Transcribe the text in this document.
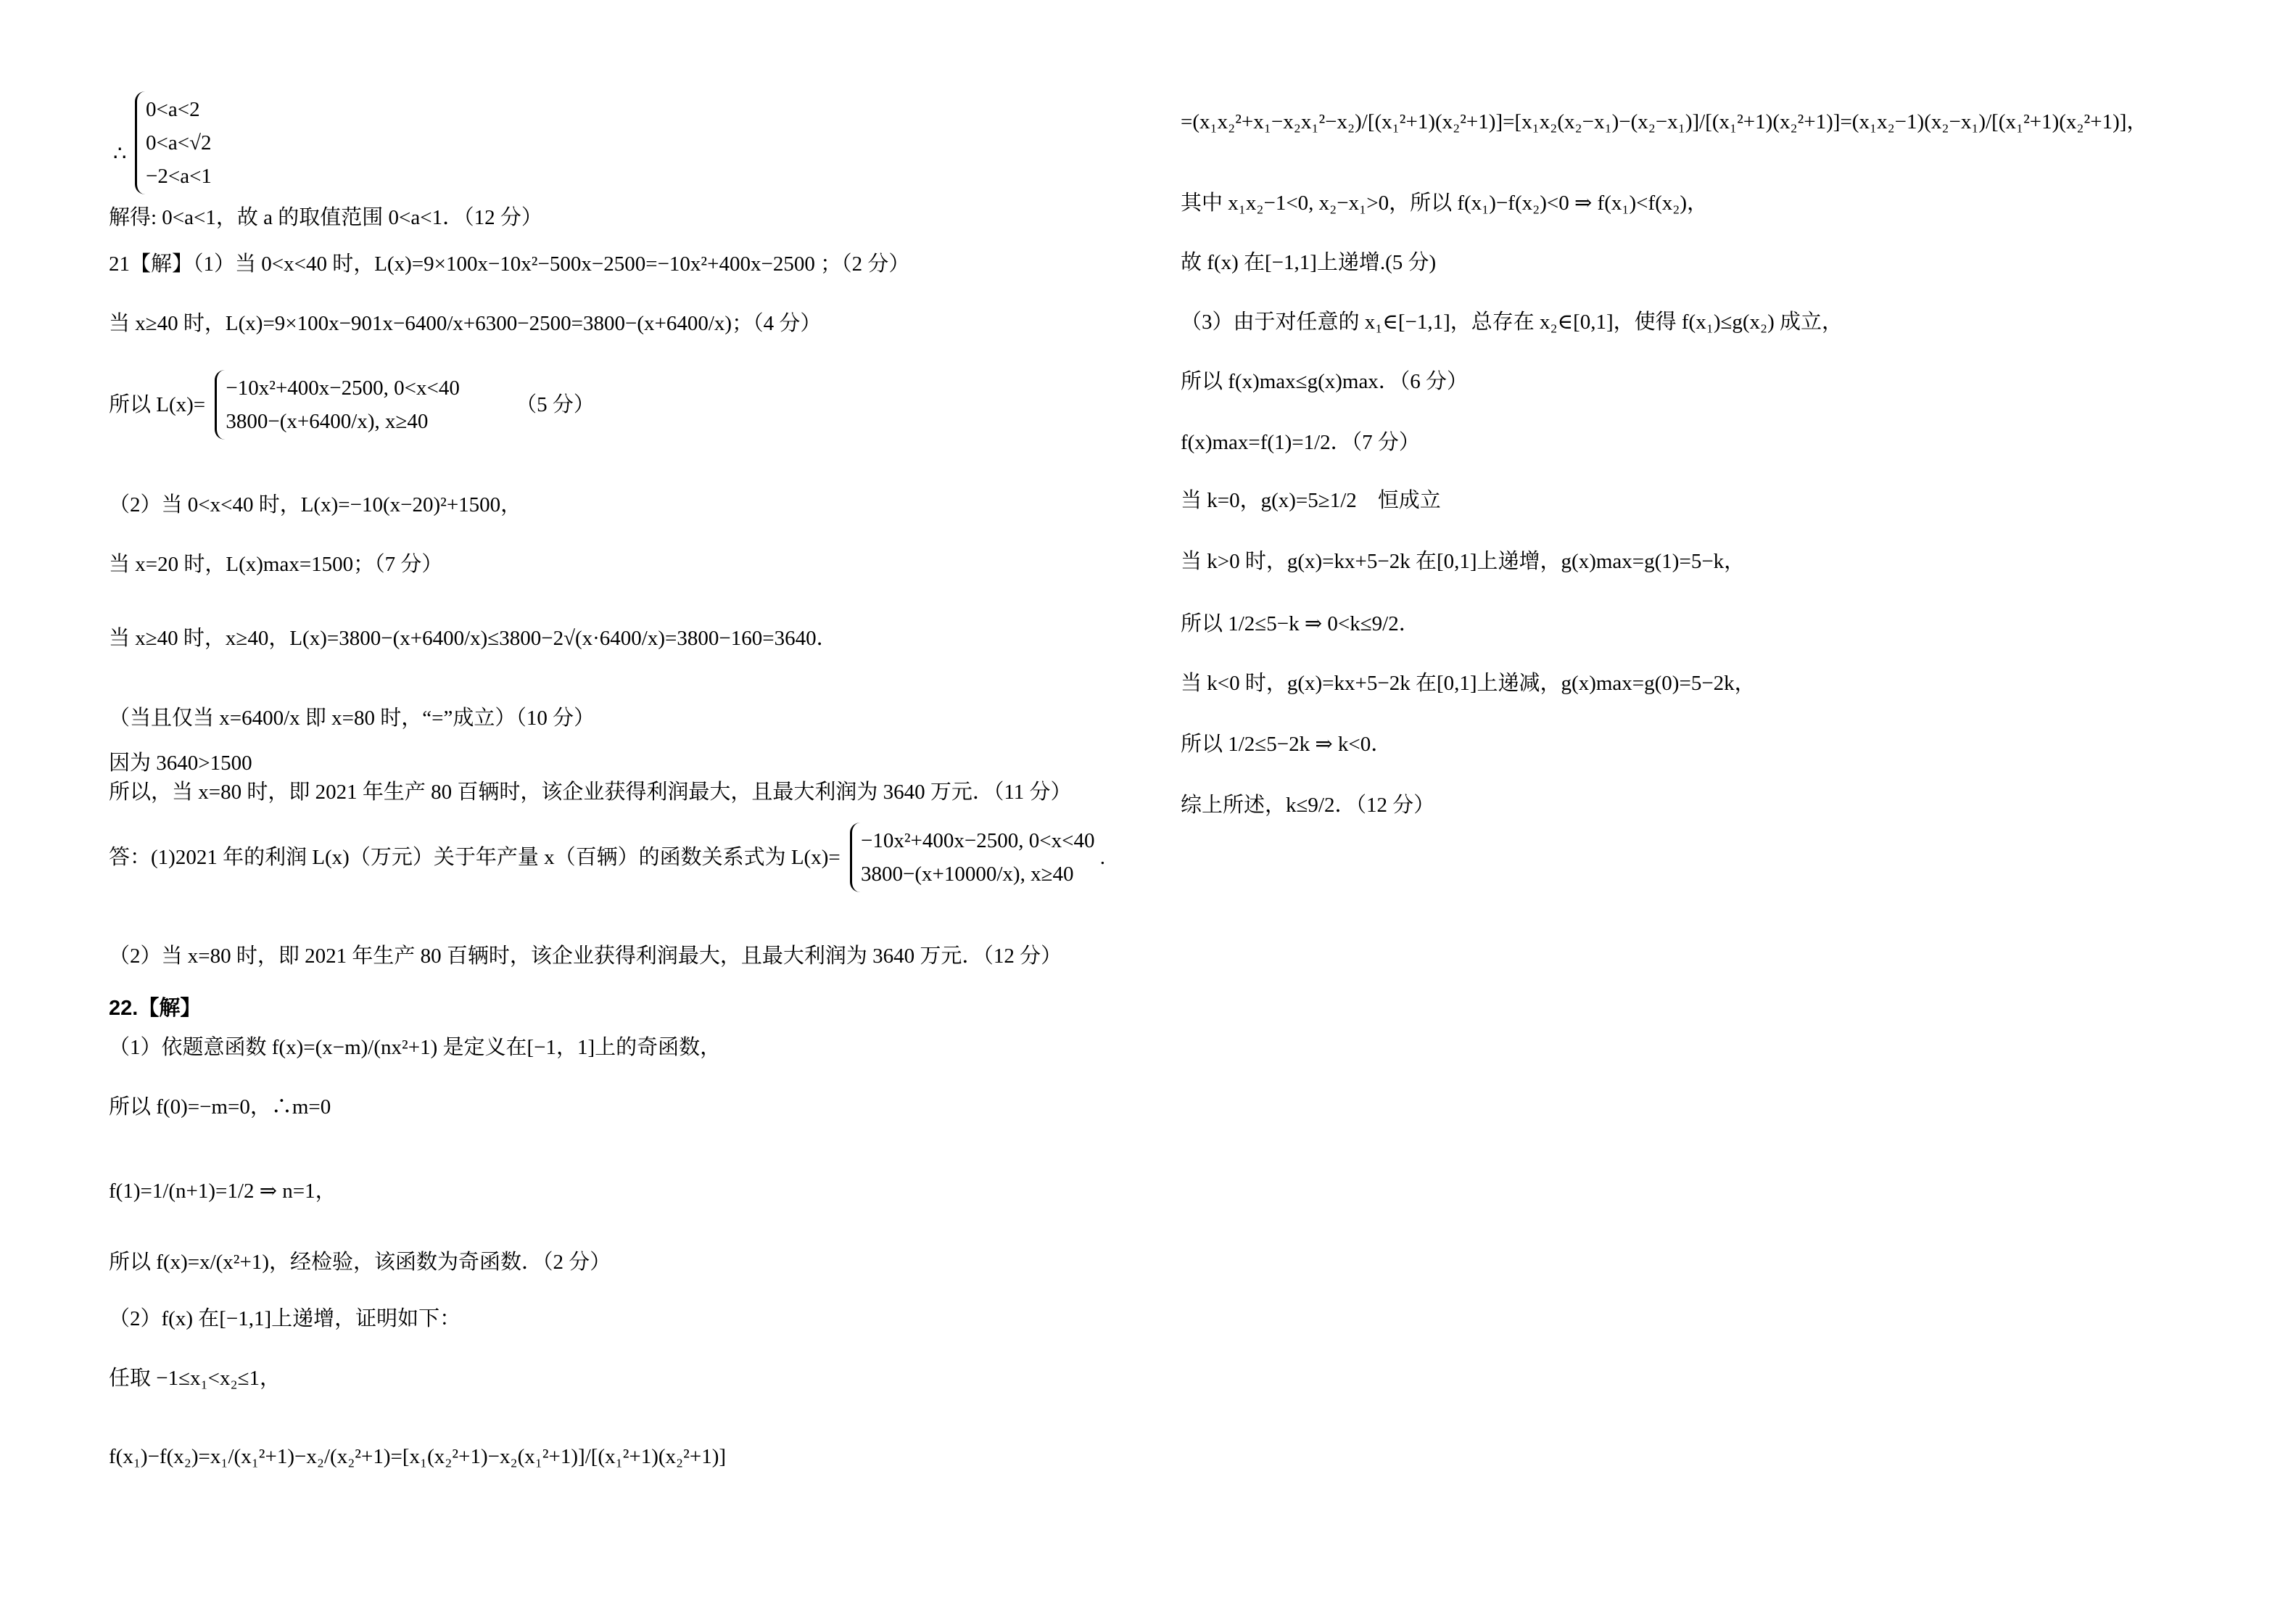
∴
0<a<2
0<a<√2
−2<a<1
解得: 0<a<1，故 a 的取值范围 0<a<1．（12 分）
21【解】（1）当 0<x<40 时，L(x)=9×100x−10x²−500x−2500=−10x²+400x−2500 ；（2 分）
当 x≥40 时，L(x)=9×100x−901x−6400/x+6300−2500=3800−(x+6400/x)；（4 分）
所以 L(x)=
−10x²+400x−2500, 0<x<40
3800−(x+6400/x), x≥40
（5 分）
（2）当 0<x<40 时，L(x)=−10(x−20)²+1500，
当 x=20 时，L(x)max=1500；（7 分）
当 x≥40 时，x≥40，L(x)=3800−(x+6400/x)≤3800−2√(x·6400/x)=3800−160=3640．
（当且仅当 x=6400/x 即 x=80 时，“=”成立）（10 分）
因为 3640>1500
所以，当 x=80 时，即 2021 年生产 80 百辆时，该企业获得利润最大，且最大利润为 3640 万元．（11 分）
答：(1)2021 年的利润 L(x)（万元）关于年产量 x（百辆）的函数关系式为 L(x)=
−10x²+400x−2500, 0<x<40
3800−(x+10000/x), x≥40
.
（2）当 x=80 时，即 2021 年生产 80 百辆时，该企业获得利润最大，且最大利润为 3640 万元．（12 分）
22.【解】
（1）依题意函数 f(x)=(x−m)/(nx²+1) 是定义在[−1，1]上的奇函数，
所以 f(0)=−m=0，∴m=0
f(1)=1/(n+1)=1/2 ⇒ n=1，
所以 f(x)=x/(x²+1)，经检验，该函数为奇函数．（2 分）
（2）f(x) 在[−1,1]上递增，证明如下：
任取 −1≤x₁<x₂≤1，
f(x₁)−f(x₂)=x₁/(x₁²+1)−x₂/(x₂²+1)=[x₁(x₂²+1)−x₂(x₁²+1)]/[(x₁²+1)(x₂²+1)]
=(x₁x₂²+x₁−x₂x₁²−x₂)/[(x₁²+1)(x₂²+1)]=[x₁x₂(x₂−x₁)−(x₂−x₁)]/[(x₁²+1)(x₂²+1)]=(x₁x₂−1)(x₂−x₁)/[(x₁²+1)(x₂²+1)]，
其中 x₁x₂−1<0, x₂−x₁>0，所以 f(x₁)−f(x₂)<0 ⇒ f(x₁)<f(x₂)，
故 f(x) 在[−1,1]上递增.(5 分)
（3）由于对任意的 x₁∈[−1,1]，总存在 x₂∈[0,1]，使得 f(x₁)≤g(x₂) 成立，
所以 f(x)max≤g(x)max．（6 分）
f(x)max=f(1)=1/2．（7 分）
当 k=0，g(x)=5≥1/2　恒成立
当 k>0 时，g(x)=kx+5−2k 在[0,1]上递增，g(x)max=g(1)=5−k，
所以 1/2≤5−k ⇒ 0<k≤9/2．
当 k<0 时，g(x)=kx+5−2k 在[0,1]上递减，g(x)max=g(0)=5−2k，
所以 1/2≤5−2k ⇒ k<0．
综上所述，k≤9/2．（12 分）
